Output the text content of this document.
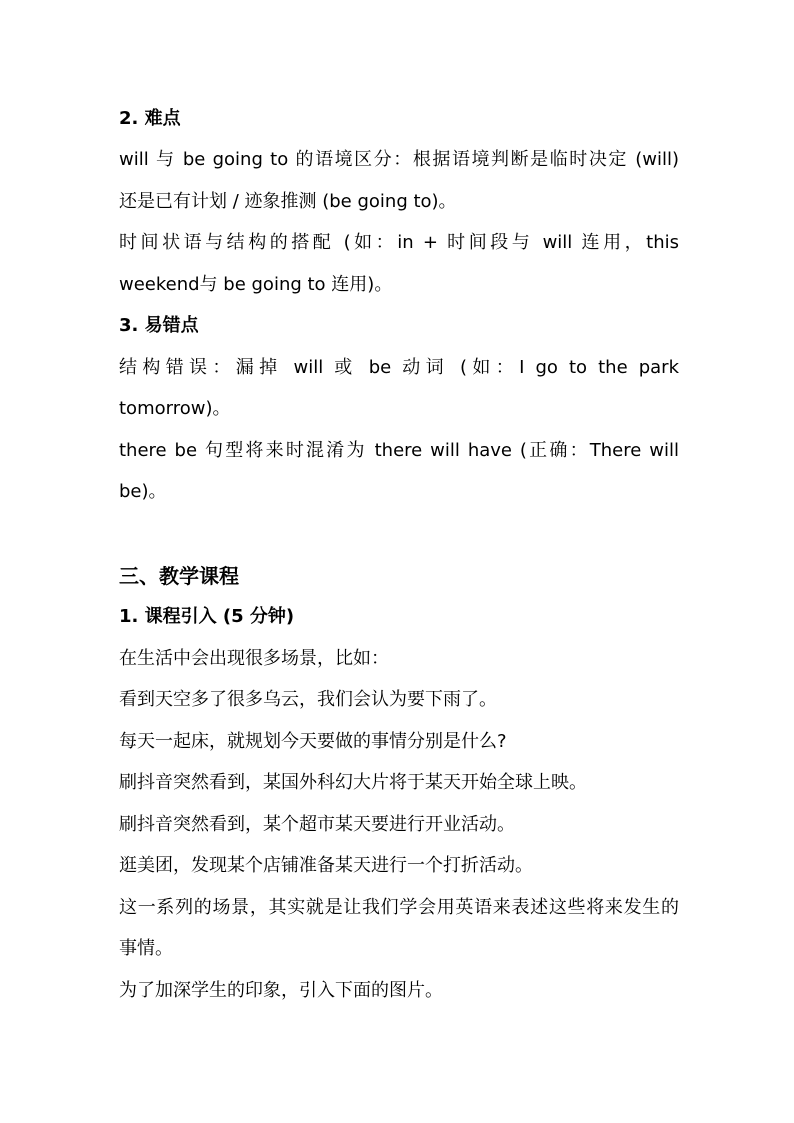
2. 难点
will 与 be going to 的语境区分：根据语境判断是临时决定 (will)
还是已有计划 / 迹象推测 (be going to)。
时间状语与结构的搭配 (如：in + 时间段与 will 连用，this
weekend与 be going to 连用)。
3. 易错点
结构错误：漏掉 will 或 be 动词 (如：I go to the park
tomorrow)。
there be 句型将来时混淆为 there will have (正确：There will
be)。
三、教学课程
1. 课程引入 (5 分钟)
在生活中会出现很多场景，比如：
看到天空多了很多乌云，我们会认为要下雨了。
每天一起床，就规划今天要做的事情分别是什么?
刷抖音突然看到，某国外科幻大片将于某天开始全球上映。
刷抖音突然看到，某个超市某天要进行开业活动。
逛美团，发现某个店铺准备某天进行一个打折活动。
这一系列的场景，其实就是让我们学会用英语来表述这些将来发生的
事情。
为了加深学生的印象，引入下面的图片。
